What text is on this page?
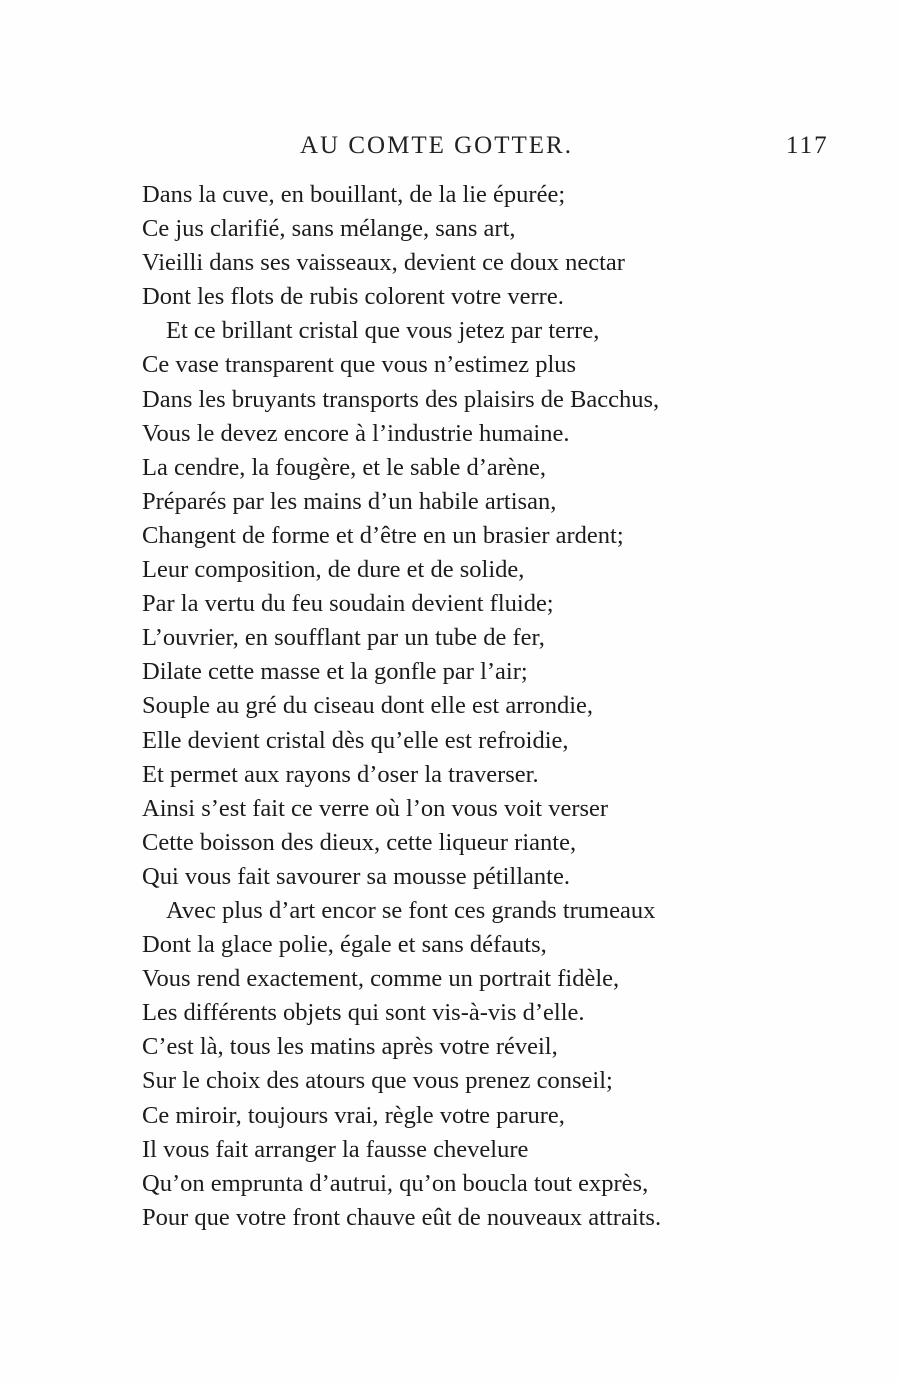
AU COMTE GOTTER.	117
Dans la cuve, en bouillant, de la lie épurée;
Ce jus clarifié, sans mélange, sans art,
Vieilli dans ses vaisseaux, devient ce doux nectar
Dont les flots de rubis colorent votre verre.
Et ce brillant cristal que vous jetez par terre,
Ce vase transparent que vous n’estimez plus
Dans les bruyants transports des plaisirs de Bacchus,
Vous le devez encore à l’industrie humaine.
La cendre, la fougère, et le sable d’arène,
Préparés par les mains d’un habile artisan,
Changent de forme et d’être en un brasier ardent;
Leur composition, de dure et de solide,
Par la vertu du feu soudain devient fluide;
L’ouvrier, en soufflant par un tube de fer,
Dilate cette masse et la gonfle par l’air;
Souple au gré du ciseau dont elle est arrondie,
Elle devient cristal dès qu’elle est refroidie,
Et permet aux rayons d’oser la traverser.
Ainsi s’est fait ce verre où l’on vous voit verser
Cette boisson des dieux, cette liqueur riante,
Qui vous fait savourer sa mousse pétillante.
Avec plus d’art encor se font ces grands trumeaux
Dont la glace polie, égale et sans défauts,
Vous rend exactement, comme un portrait fidèle,
Les différents objets qui sont vis-à-vis d’elle.
C’est là, tous les matins après votre réveil,
Sur le choix des atours que vous prenez conseil;
Ce miroir, toujours vrai, règle votre parure,
Il vous fait arranger la fausse chevelure
Qu’on emprunta d’autrui, qu’on boucla tout exprès,
Pour que votre front chauve eût de nouveaux attraits.
